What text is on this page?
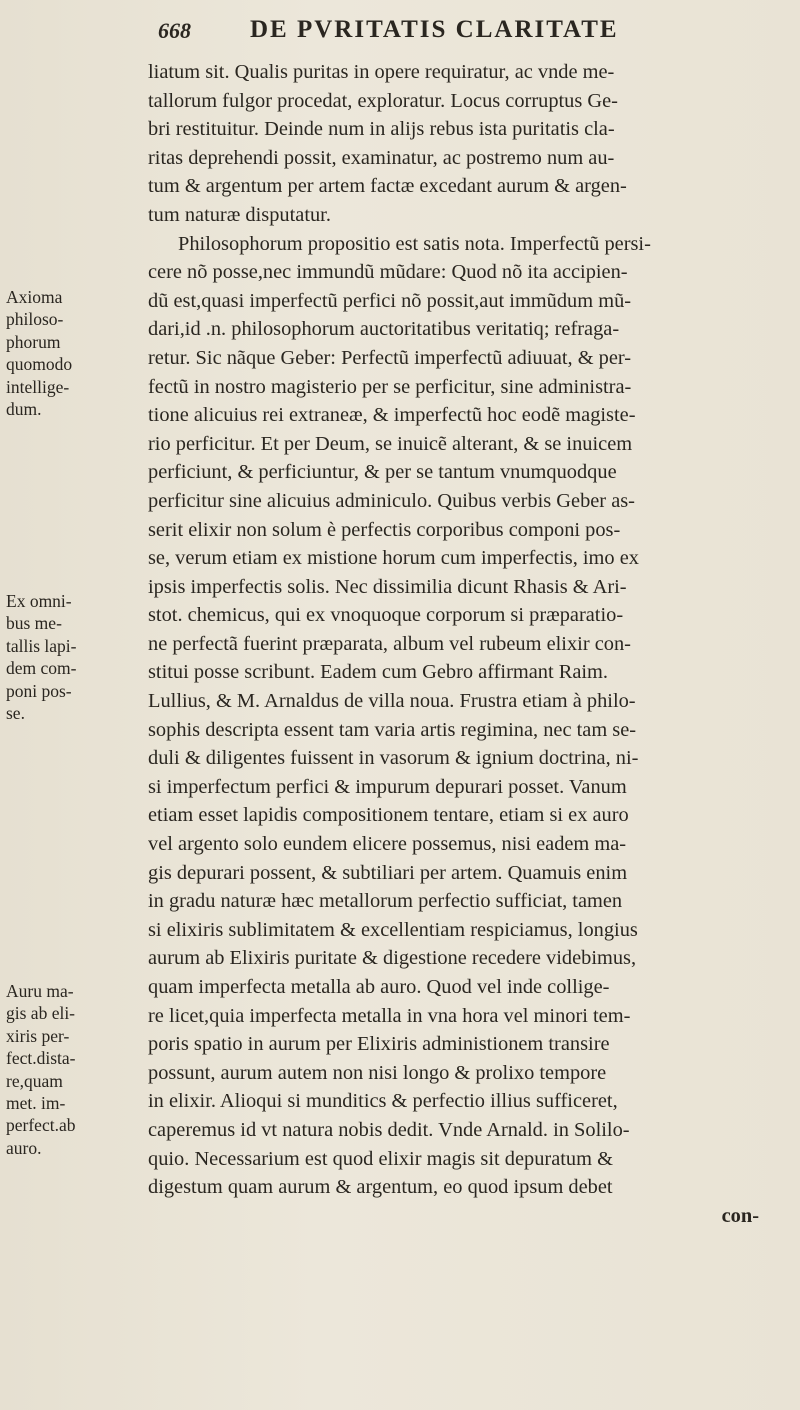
668 DE PVRITATIS CLARITATE
Axioma
philoso-
phorum
quomodo
intellige-
dum.
Ex omni-
bus me-
tallis lapi-
dem com-
poni pos-
se.
Auru ma-
gis ab eli-
xiris per-
fect.dista-
re,quam
met. im-
perfect.ab
auro.
liatum sit. Qualis puritas in opere requiratur, ac vnde me-
tallorum fulgor procedat, exploratur. Locus corruptus Ge-
bri restituitur. Deinde num in alijs rebus ista puritatis cla-
ritas deprehendi possit, examinatur, ac postremo num au-
tum & argentum per artem factæ excedant aurum & argen-
tum naturæ disputatur.
Philosophorum propositio est satis nota. Imperfectũ persi-
cere nõ posse,nec immundũ mũdare: Quod nõ ita accipien-
dũ est,quasi imperfectũ perfici nõ possit,aut immũdum mũ-
dari,id .n. philosophorum auctoritatibus veritatiq; refraga-
retur. Sic nãque Geber: Perfectũ imperfectũ adiuuat, & per-
fectũ in nostro magisterio per se perficitur, sine administra-
tione alicuius rei extraneæ, & imperfectũ hoc eodẽ magiste-
rio perficitur. Et per Deum, se inuicẽ alterant, & se inuicem
perficiunt, & perficiuntur, & per se tantum vnumquodque
perficitur sine alicuius adminiculo. Quibus verbis Geber as-
serit elixir non solum è perfectis corporibus componi pos-
se, verum etiam ex mistione horum cum imperfectis, imo ex
ipsis imperfectis solis. Nec dissimilia dicunt Rhasis & Ari-
stot. chemicus, qui ex vnoquoque corporum si præparatio-
ne perfectã fuerint præparata, album vel rubeum elixir con-
stitui posse scribunt. Eadem cum Gebro affirmant Raim.
Lullius, & M. Arnaldus de villa noua. Frustra etiam à philo-
sophis descripta essent tam varia artis regimina, nec tam se-
duli & diligentes fuissent in vasorum & ignium doctrina, ni-
si imperfectum perfici & impurum depurari posset. Vanum
etiam esset lapidis compositionem tentare, etiam si ex auro
vel argento solo eundem elicere possemus, nisi eadem ma-
gis depurari possent, & subtiliari per artem. Quamuis enim
in gradu naturæ hæc metallorum perfectio sufficiat, tamen
si elixiris sublimitatem & excellentiam respiciamus, longius
aurum ab Elixiris puritate & digestione recedere videbimus,
quam imperfecta metalla ab auro. Quod vel inde collige-
re licet,quia imperfecta metalla in vna hora vel minori tem-
poris spatio in aurum per Elixiris administionem transire
possunt, aurum autem non nisi longo & prolixo tempore
in elixir. Alioqui si munditics & perfectio illius sufficeret,
caperemus id vt natura nobis dedit. Vnde Arnald. in Solilo-
quio. Necessarium est quod elixir magis sit depuratum &
digestum quam aurum & argentum, eo quod ipsum debet
con-
